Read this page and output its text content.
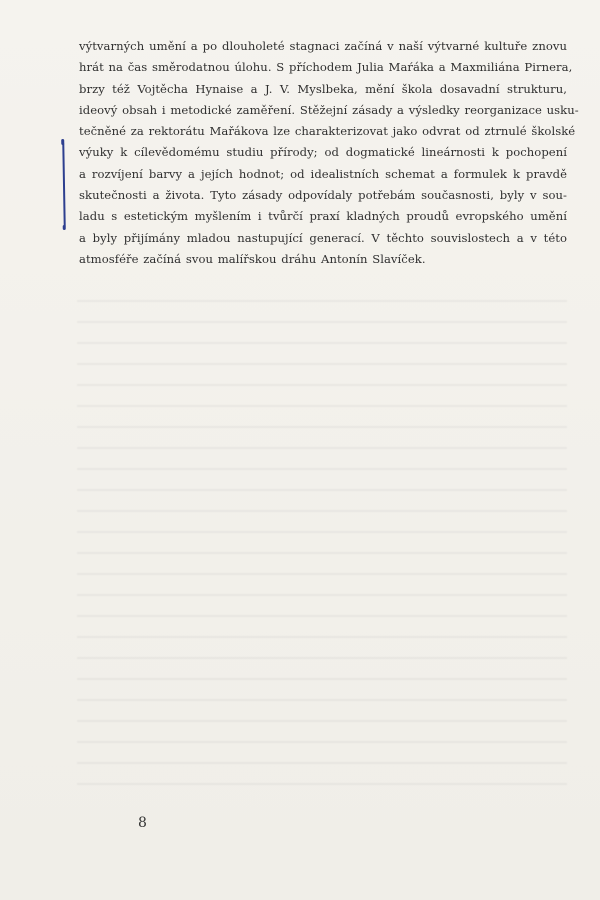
výtvarných umění a po dlouholeté stagnaci začíná v naší výtvarné kultuře znovu
hrát na čas směrodatnou úlohu. S příchodem Julia Maŕáka a Maxmiliána Pirnera,
brzy též Vojtěcha Hynaise a J. V. Myslbeka, mění škola dosavadní strukturu,
ideový obsah i metodické zaměření. Stěžejní zásady a výsledky reorganizace usku-
tečněné za rektorátu Mařákova lze charakterizovat jako odvrat od ztrnulé školské
výuky k cílevědomému studiu přírody; od dogmatické lineárnosti k pochopení
a rozvíjení barvy a jejích hodnot; od idealistních schemat a formulek k pravdě
skutečnosti a života. Tyto zásady odpovídaly potřebám současnosti, byly v sou-
ladu s estetickým myšlením i tvůrčí praxí kladných proudů evropského umění
a byly přijímány mladou nastupující generací. V těchto souvislostech a v této
atmosféře začíná svou malířskou dráhu Antonín Slavíček.
8
